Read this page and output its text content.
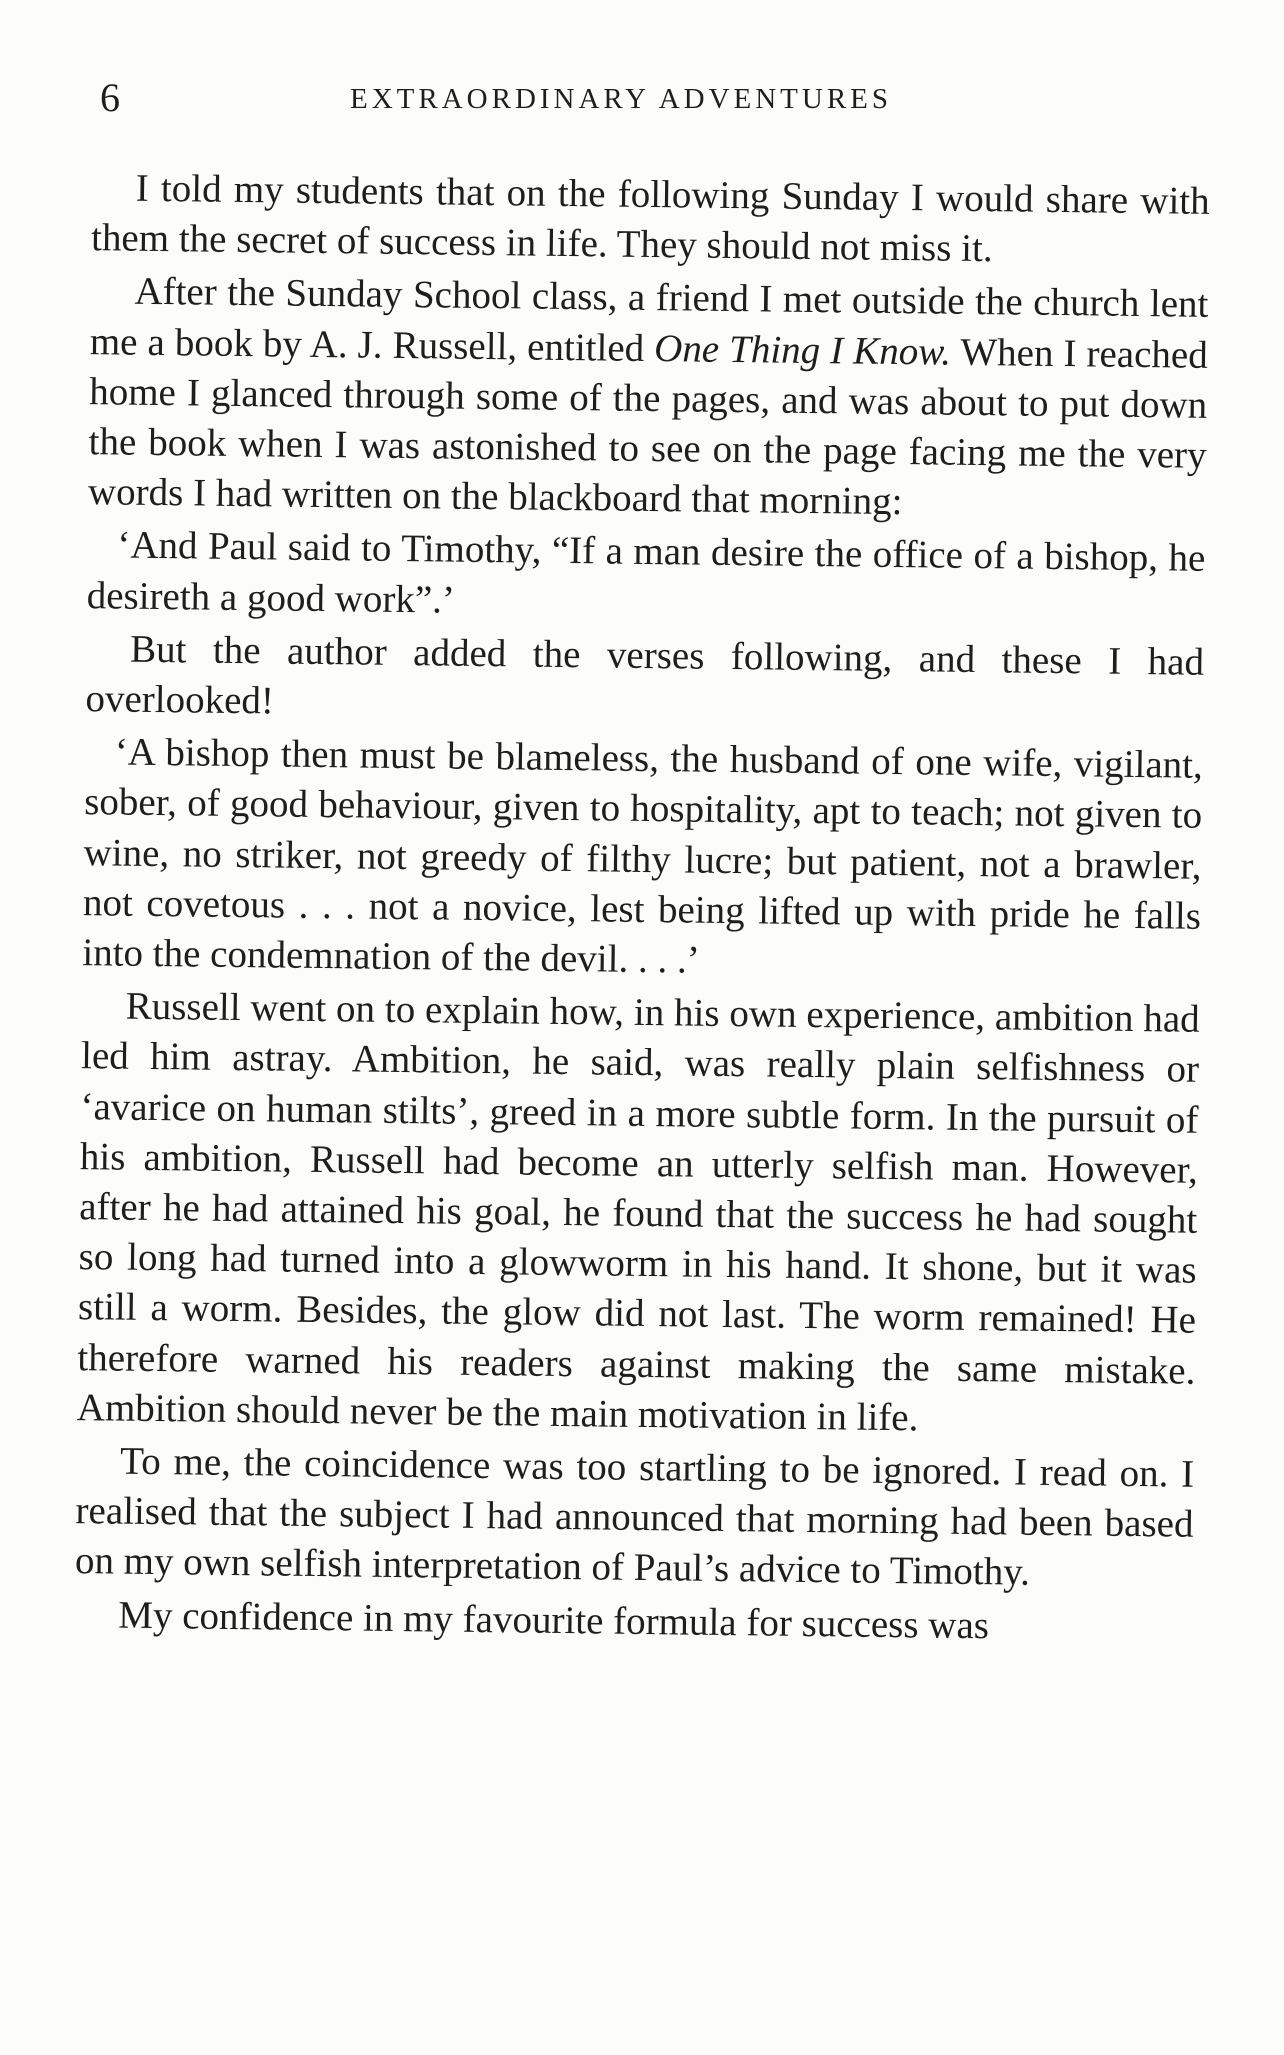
6	EXTRAORDINARY ADVENTURES

I told my students that on the following Sunday I would share with them the secret of success in life. They should not miss it.

After the Sunday School class, a friend I met outside the church lent me a book by A. J. Russell, entitled One Thing I Know. When I reached home I glanced through some of the pages, and was about to put down the book when I was astonished to see on the page facing me the very words I had written on the blackboard that morning:

‘And Paul said to Timothy, “If a man desire the office of a bishop, he desireth a good work”.’

But the author added the verses following, and these I had overlooked!

‘A bishop then must be blameless, the husband of one wife, vigilant, sober, of good behaviour, given to hospitality, apt to teach; not given to wine, no striker, not greedy of filthy lucre; but patient, not a brawler, not covetous . . . not a novice, lest being lifted up with pride he falls into the condemnation of the devil. . . .’

Russell went on to explain how, in his own experience, ambition had led him astray. Ambition, he said, was really plain selfishness or ‘avarice on human stilts’, greed in a more subtle form. In the pursuit of his ambition, Russell had become an utterly selfish man. However, after he had attained his goal, he found that the success he had sought so long had turned into a glowworm in his hand. It shone, but it was still a worm. Besides, the glow did not last. The worm remained! He therefore warned his readers against making the same mistake. Ambition should never be the main motivation in life.

To me, the coincidence was too startling to be ignored. I read on. I realised that the subject I had announced that morning had been based on my own selfish interpretation of Paul’s advice to Timothy.

My confidence in my favourite formula for success was
